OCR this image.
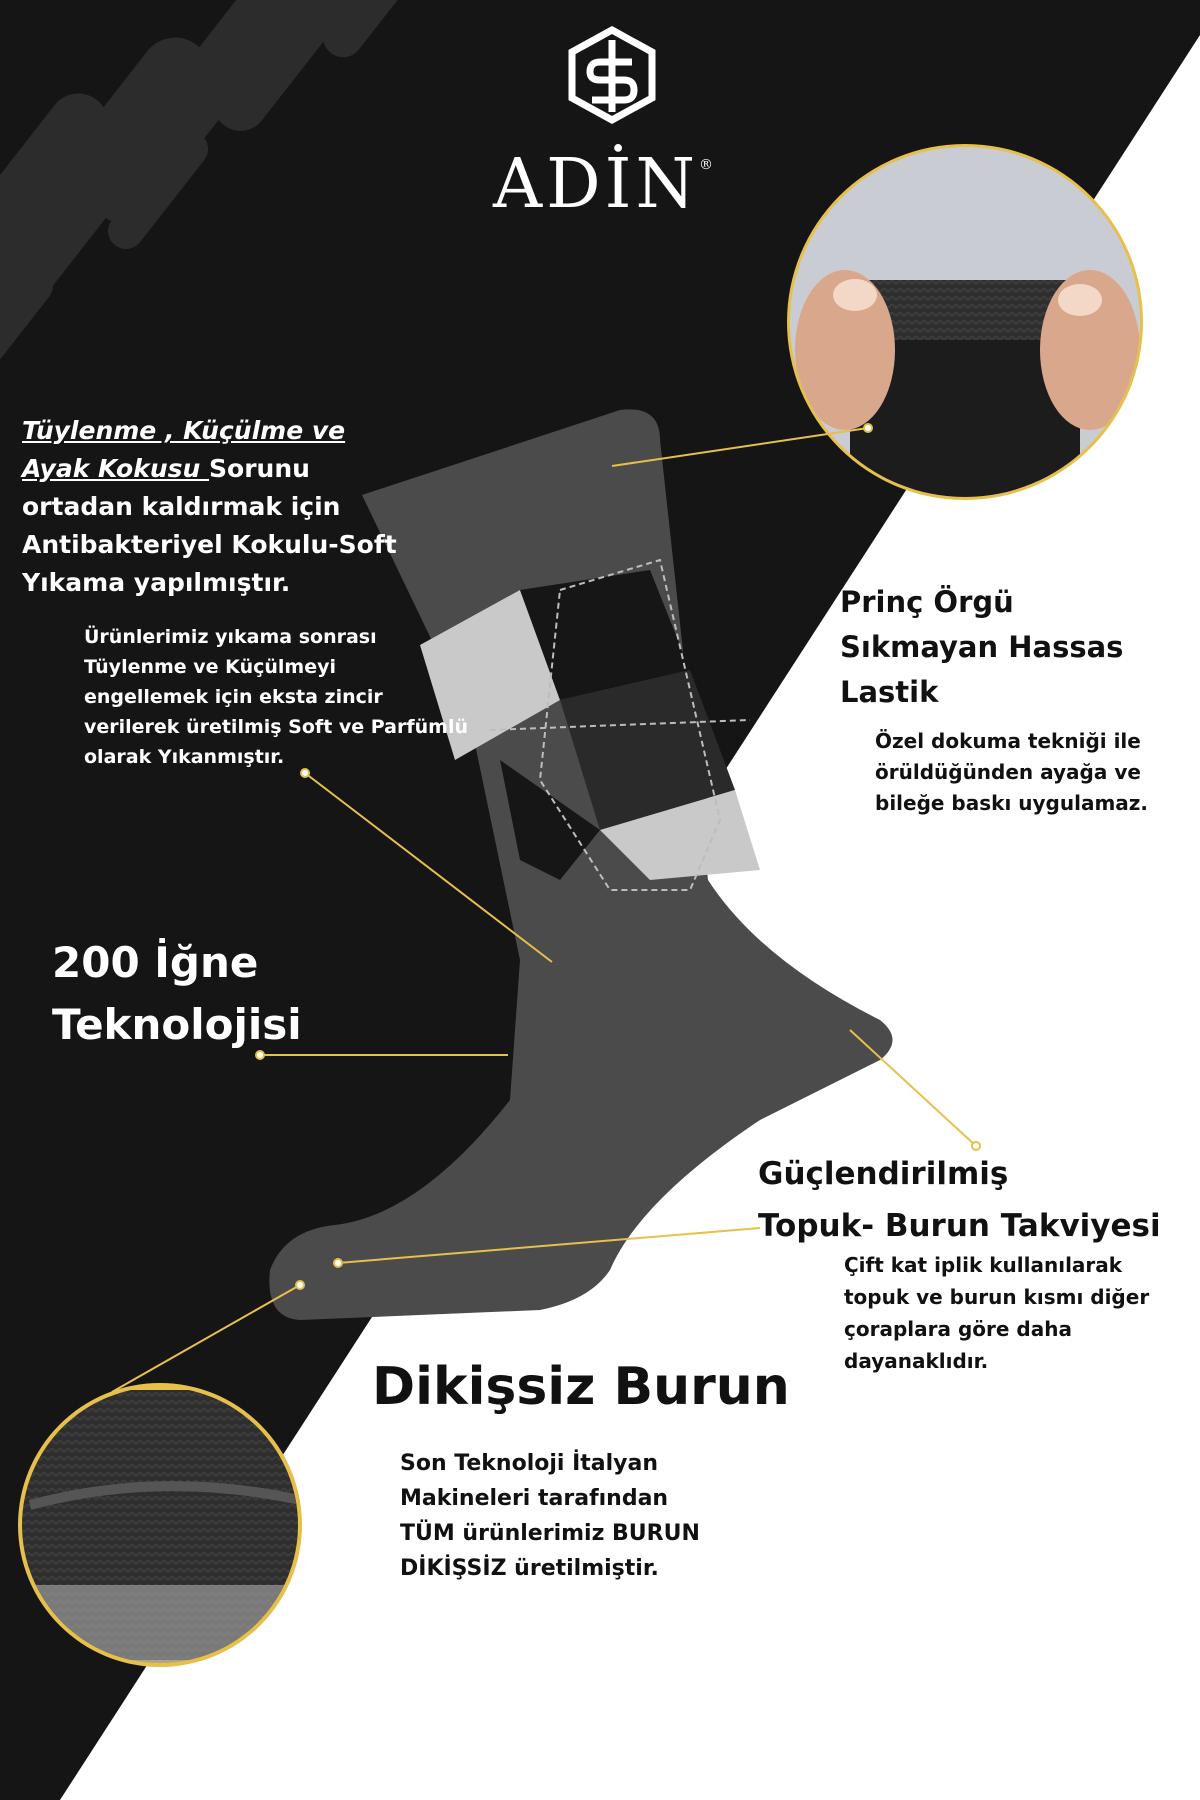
ADİN®
Tüylenme , Küçülme ve
Ayak Kokusu Sorunu
ortadan kaldırmak için
Antibakteriyel Kokulu-Soft
Yıkama yapılmıştır.
Ürünlerimiz yıkama sonrası
Tüylenme ve Küçülmeyi
engellemek için eksta zincir
verilerek üretilmiş Soft ve Parfümlü
olarak Yıkanmıştır.
200 İğne
Teknolojisi
Prinç Örgü
Sıkmayan Hassas
Lastik
Özel dokuma tekniği ile
örüldüğünden ayağa ve
bileğe baskı uygulamaz.
Güçlendirilmiş
Topuk- Burun Takviyesi
Çift kat iplik kullanılarak
topuk ve burun kısmı diğer
çoraplara göre daha
dayanaklıdır.
Dikişsiz Burun
Son Teknoloji İtalyan
Makineleri tarafından
TÜM ürünlerimiz BURUN
DİKİŞSİZ üretilmiştir.
